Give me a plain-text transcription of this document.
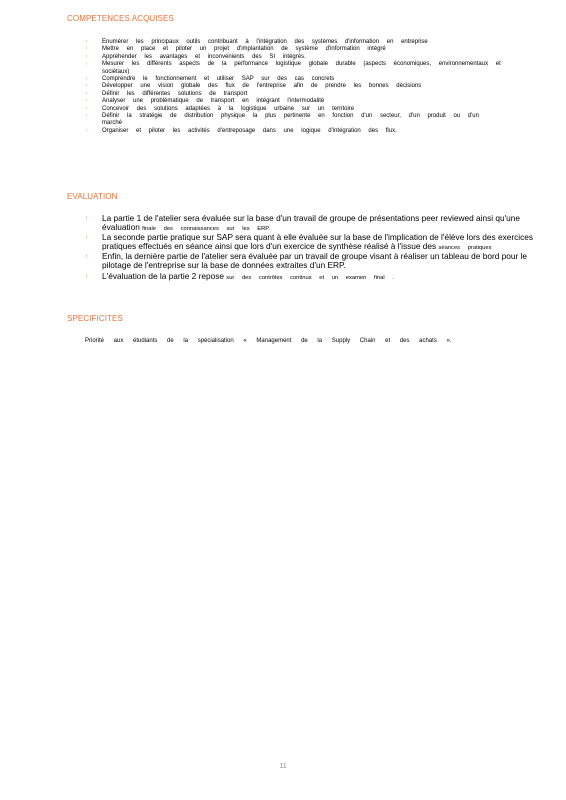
COMPETENCES ACQUISES
↑ Enumérer les principaux outils contribuant à l'intégration des systèmes d'information en entreprise
↑ Mettre en place et piloter un projet d'implantation de système d'information intégré
↑ Appréhender les avantages et inconvénients des SI intégrés.
↑ Mesurer les différents aspects de la performance logistique globale durable (aspects économiques, environnementaux et sociétaux)
↑ Comprendre le fonctionnement et utiliser SAP sur des cas concrets
↑ Développer une vision globale des flux de l'entreprise afin de prendre les bonnes décisions
↑ Définir les différentes solutions de transport
↑ Analyser une problématique de transport en intégrant l'intermodalité
↑ Concevoir des solutions adaptées à la logistique urbaine sur un territoire
↑ Définir la stratégie de distribution physique la plus pertinente en fonction d'un secteur, d'un produit ou d'un marché
↑ Organiser et piloter les activités d'entreposage dans une logique d'intégration des flux.
EVALUATION
↑ La partie 1 de l'atelier sera évaluée sur la base d'un travail de groupe de présentations peer reviewed ainsi qu'une évaluation finale des connaissances sur les ERP.
↑ La seconde partie pratique sur SAP sera quant à elle évaluée sur la base de l'implication de l'élève lors des exercices pratiques effectués en séance ainsi que lors d'un exercice de synthèse réalisé à l'issue des séances pratiques
↑ Enfin, la dernière partie de l'atelier sera évaluée par un travail de groupe visant à réaliser un tableau de bord pour le pilotage de l'entreprise sur la base de données extraites d'un ERP.
↑ L'évaluation de la partie 2 repose sur des contrôles continus et un examen final .
SPECIFICITES
Priorité aux étudiants de la spécialisation « Management de la Supply Chain et des achats ».
11
